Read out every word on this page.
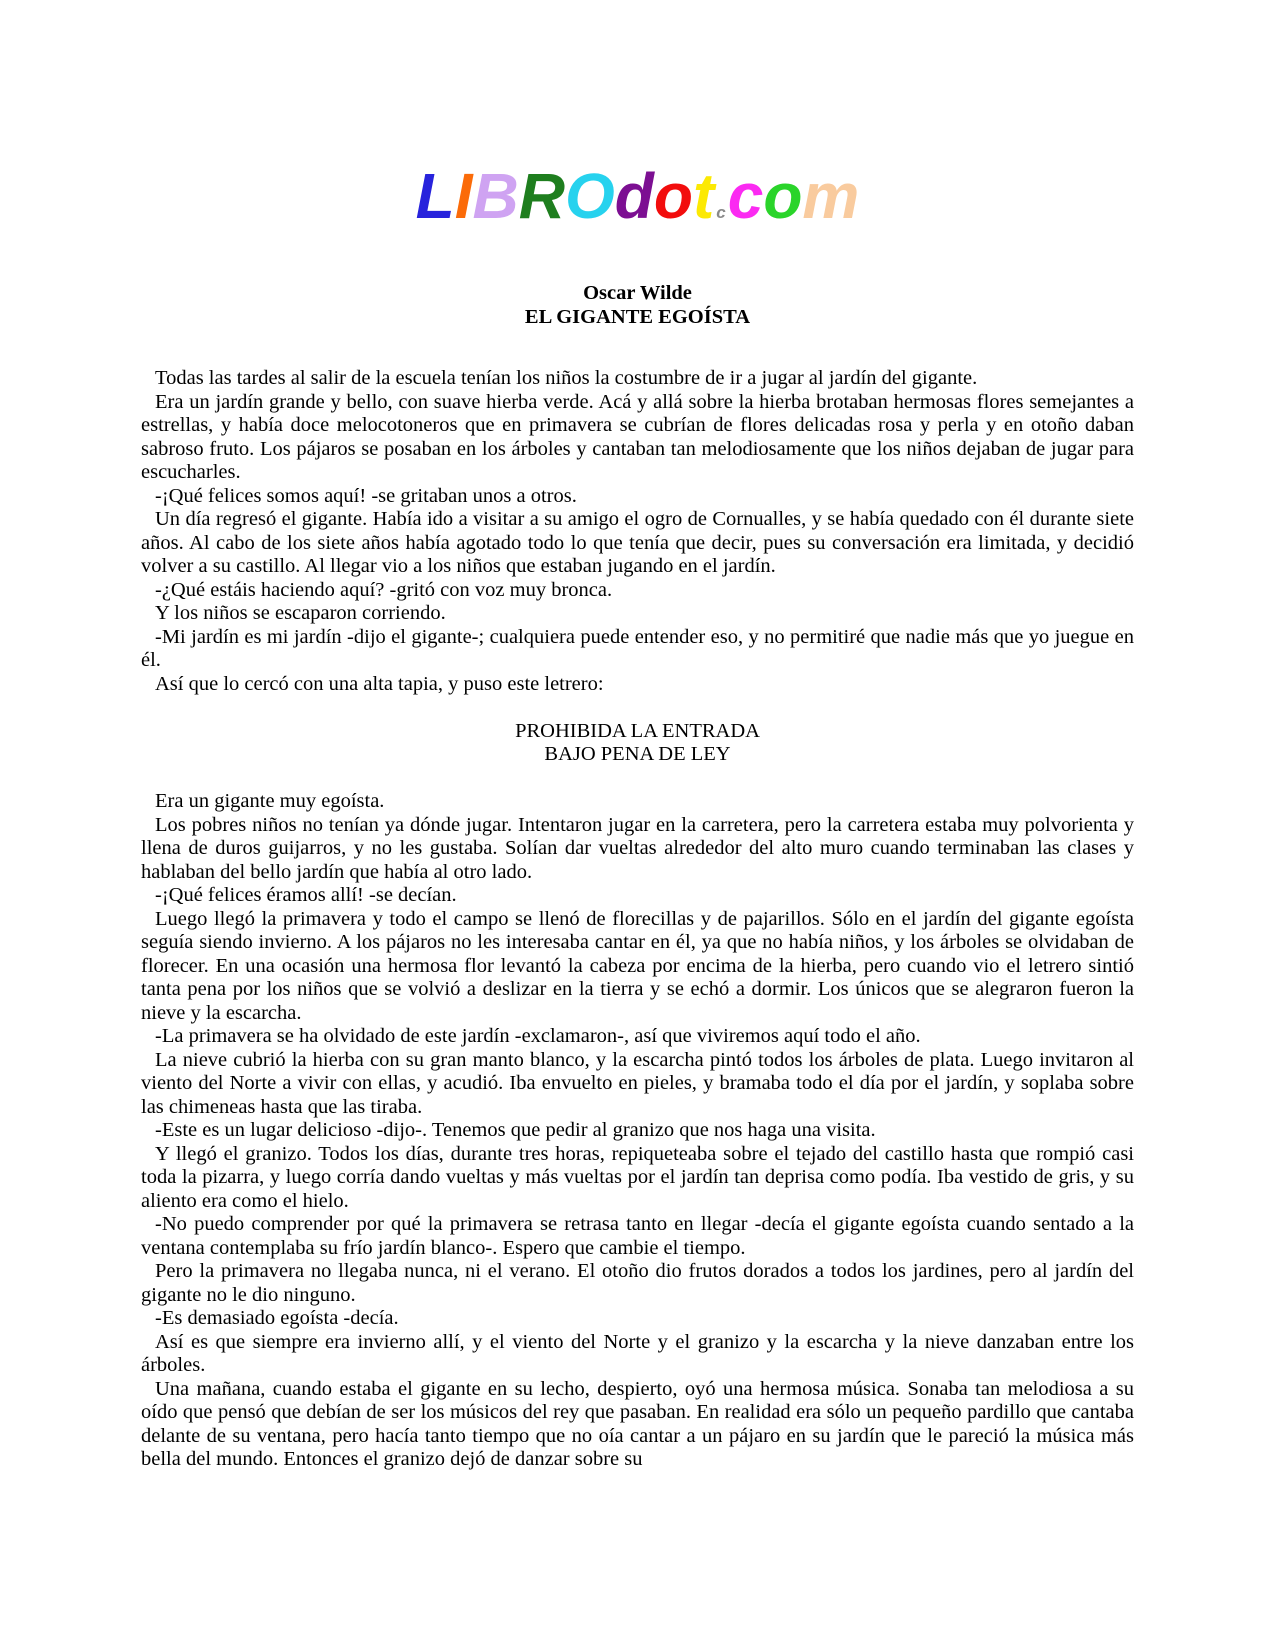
LIBROdot ccom
Oscar Wilde
EL GIGANTE EGOÍSTA

Todas las tardes al salir de la escuela tenían los niños la costumbre de ir a jugar al jardín del gigante.

Era un jardín grande y bello, con suave hierba verde. Acá y allá sobre la hierba brotaban hermosas flores semejantes a estrellas, y había doce melocotoneros que en primavera se cubrían de flores delicadas rosa y perla y en otoño daban sabroso fruto. Los pájaros se posaban en los árboles y cantaban tan melodiosamente que los niños dejaban de jugar para escucharles.

-¡Qué felices somos aquí! -se gritaban unos a otros.

Un día regresó el gigante. Había ido a visitar a su amigo el ogro de Cornualles, y se había quedado con él durante siete años. Al cabo de los siete años había agotado todo lo que tenía que decir, pues su conversación era limitada, y decidió volver a su castillo. Al llegar vio a los niños que estaban jugando en el jardín.

-¿Qué estáis haciendo aquí? -gritó con voz muy bronca.

Y los niños se escaparon corriendo.

-Mi jardín es mi jardín -dijo el gigante-; cualquiera puede entender eso, y no permitiré que nadie más que yo juegue en él.

Así que lo cercó con una alta tapia, y puso este letrero:

PROHIBIDA LA ENTRADA

BAJO PENA DE LEY

Era un gigante muy egoísta.

Los pobres niños no tenían ya dónde jugar. Intentaron jugar en la carretera, pero la carretera estaba muy polvorienta y llena de duros guijarros, y no les gustaba. Solían dar vueltas alrededor del alto muro cuando terminaban las clases y hablaban del bello jardín que había al otro lado.

-¡Qué felices éramos allí! -se decían.

Luego llegó la primavera y todo el campo se llenó de florecillas y de pajarillos. Sólo en el jardín del gigante egoísta seguía siendo invierno. A los pájaros no les interesaba cantar en él, ya que no había niños, y los árboles se olvidaban de florecer. En una ocasión una hermosa flor levantó la cabeza por encima de la hierba, pero cuando vio el letrero sintió tanta pena por los niños que se volvió a deslizar en la tierra y se echó a dormir. Los únicos que se alegraron fueron la nieve y la escarcha.

-La primavera se ha olvidado de este jardín -exclamaron-, así que viviremos aquí todo el año.

La nieve cubrió la hierba con su gran manto blanco, y la escarcha pintó todos los árboles de plata. Luego invitaron al viento del Norte a vivir con ellas, y acudió. Iba envuelto en pieles, y bramaba todo el día por el jardín, y soplaba sobre las chimeneas hasta que las tiraba.

-Este es un lugar delicioso -dijo-. Tenemos que pedir al granizo que nos haga una visita.

Y llegó el granizo. Todos los días, durante tres horas, repiqueteaba sobre el tejado del castillo hasta que rompió casi toda la pizarra, y luego corría dando vueltas y más vueltas por el jardín tan deprisa como podía. Iba vestido de gris, y su aliento era como el hielo.

-No puedo comprender por qué la primavera se retrasa tanto en llegar -decía el gigante egoísta cuando sentado a la ventana contemplaba su frío jardín blanco-. Espero que cambie el tiempo.

Pero la primavera no llegaba nunca, ni el verano. El otoño dio frutos dorados a todos los jardines, pero al jardín del gigante no le dio ninguno.

-Es demasiado egoísta -decía.

Así es que siempre era invierno allí, y el viento del Norte y el granizo y la escarcha y la nieve danzaban entre los árboles.

Una mañana, cuando estaba el gigante en su lecho, despierto, oyó una hermosa música. Sonaba tan melodiosa a su oído que pensó que debían de ser los músicos del rey que pasaban. En realidad era sólo un pequeño pardillo que cantaba delante de su ventana, pero hacía tanto tiempo que no oía cantar a un pájaro en su jardín que le pareció la música más bella del mundo. Entonces el granizo dejó de danzar sobre su
